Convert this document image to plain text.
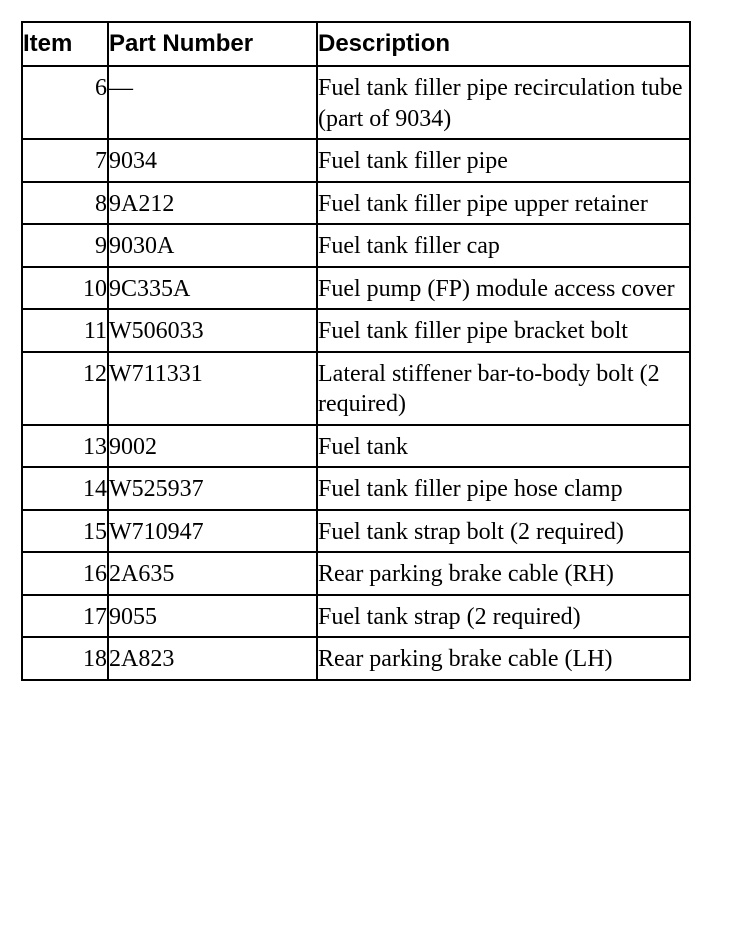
Item	Part Number	Description
6	—	Fuel tank filler pipe recirculation tube (part of 9034)
7	9034	Fuel tank filler pipe
8	9A212	Fuel tank filler pipe upper retainer
9	9030A	Fuel tank filler cap
10	9C335A	Fuel pump (FP) module access cover
11	W506033	Fuel tank filler pipe bracket bolt
12	W711331	Lateral stiffener bar-to-body bolt (2 required)
13	9002	Fuel tank
14	W525937	Fuel tank filler pipe hose clamp
15	W710947	Fuel tank strap bolt (2 required)
16	2A635	Rear parking brake cable (RH)
17	9055	Fuel tank strap (2 required)
18	2A823	Rear parking brake cable (LH)
